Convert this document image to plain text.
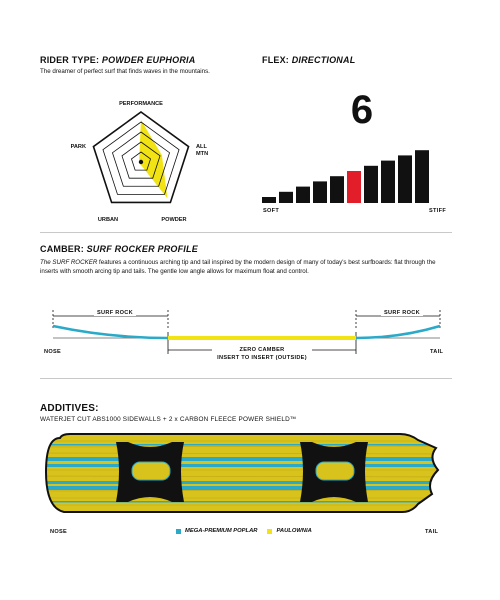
RIDER TYPE: POWDER EUPHORIA
The dreamer of perfect surf that finds waves in the mountains.
PERFORMANCE
ALL
MTN
POWDER
URBAN
PARK
FLEX: DIRECTIONAL
6
SOFT	STIFF
CAMBER: SURF ROCKER PROFILE
The SURF ROCKER features a continuous arching tip and tail inspired by the modern design of many of today's best surfboards: flat through the inserts with smooth arcing tip and tails. The gentle low angle allows for maximum float and control.
SURF ROCK	SURF ROCK
NOSE	TAIL
ZERO CAMBER
INSERT TO INSERT (OUTSIDE)
ADDITIVES:
WATERJET CUT ABS1000 SIDEWALLS + 2 x CARBON FLEECE POWER SHIELD™
NOSE	TAIL
MEGA-PREMIUM POPLAR	PAULOWNIA
